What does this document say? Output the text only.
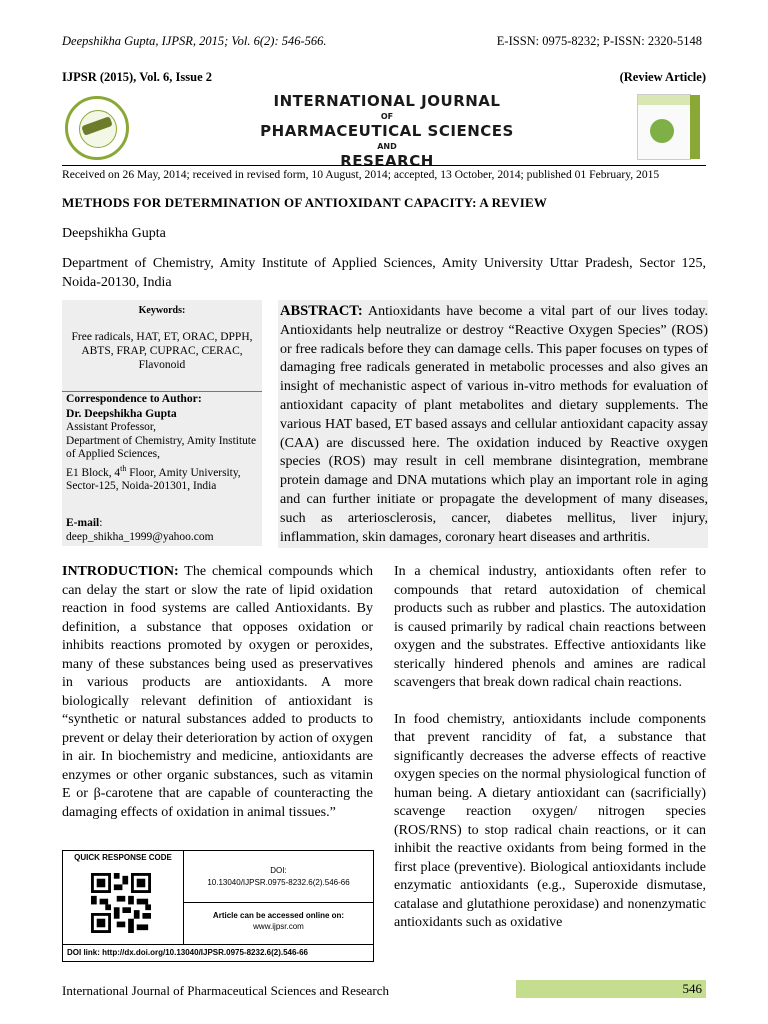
Deepshikha Gupta, IJPSR, 2015; Vol. 6(2): 546-566.	E-ISSN: 0975-8232; P-ISSN: 2320-5148
IJPSR (2015), Vol. 6, Issue 2	(Review Article)
INTERNATIONAL JOURNAL
OF
PHARMACEUTICAL SCIENCES
AND
RESEARCH
Received on 26 May, 2014; received in revised form, 10 August, 2014; accepted, 13 October, 2014; published 01 February, 2015
METHODS FOR DETERMINATION OF ANTIOXIDANT CAPACITY: A REVIEW
Deepshikha Gupta
Department of Chemistry, Amity Institute of Applied Sciences, Amity University Uttar Pradesh, Sector 125, Noida-20130, India
Keywords:
Free radicals, HAT, ET, ORAC, DPPH, ABTS, FRAP, CUPRAC, CERAC, Flavonoid
Correspondence to Author:
Dr. Deepshikha Gupta
Assistant Professor,
Department of Chemistry, Amity Institute of Applied Sciences,
E1 Block, 4th Floor, Amity University, Sector-125, Noida-201301, India
E-mail:
deep_shikha_1999@yahoo.com
ABSTRACT: Antioxidants have become a vital part of our lives today. Antioxidants help neutralize or destroy “Reactive Oxygen Species” (ROS) or free radicals before they can damage cells. This paper focuses on types of damaging free radicals generated in metabolic processes and also gives an insight of mechanistic aspect of various in-vitro methods for evaluation of antioxidant capacity of plant metabolites and dietary supplements. The various HAT based, ET based assays and cellular antioxidant capacity assay (CAA) are discussed here. The oxidation induced by Reactive oxygen species (ROS) may result in cell membrane disintegration, membrane protein damage and DNA mutations which play an important role in aging and can further initiate or propagate the development of many diseases, such as arteriosclerosis, cancer, diabetes mellitus, liver injury, inflammation, skin damages, coronary heart diseases and arthritis.
INTRODUCTION: The chemical compounds which can delay the start or slow the rate of lipid oxidation reaction in food systems are called Antioxidants. By definition, a substance that opposes oxidation or inhibits reactions promoted by oxygen or peroxides, many of these substances being used as preservatives in various products are antioxidants. A more biologically relevant definition of antioxidant is “synthetic or natural substances added to products to prevent or delay their deterioration by action of oxygen in air. In biochemistry and medicine, antioxidants are enzymes or other organic substances, such as vitamin E or β-carotene that are capable of counteracting the damaging effects of oxidation in animal tissues.”
In a chemical industry, antioxidants often refer to compounds that retard autoxidation of chemical products such as rubber and plastics. The autoxidation is caused primarily by radical chain reactions between oxygen and the substrates. Effective antioxidants like sterically hindered phenols and amines are radical scavengers that break down radical chain reactions.
In food chemistry, antioxidants include components that prevent rancidity of fat, a substance that significantly decreases the adverse effects of reactive oxygen species on the normal physiological function of human being. A dietary antioxidant can (sacrificially) scavenge reaction oxygen/ nitrogen species (ROS/RNS) to stop radical chain reactions, or it can inhibit the reactive oxidants from being formed in the first place (preventive). Biological antioxidants include enzymatic antioxidants (e.g., Superoxide dismutase, catalase and glutathione peroxidase) and nonenzymatic antioxidants such as oxidative
QUICK RESPONSE CODE
DOI:
10.13040/IJPSR.0975-8232.6(2).546-66
Article can be accessed online on:
www.ijpsr.com
DOI link: http://dx.doi.org/10.13040/IJPSR.0975-8232.6(2).546-66
International Journal of Pharmaceutical Sciences and Research	546
